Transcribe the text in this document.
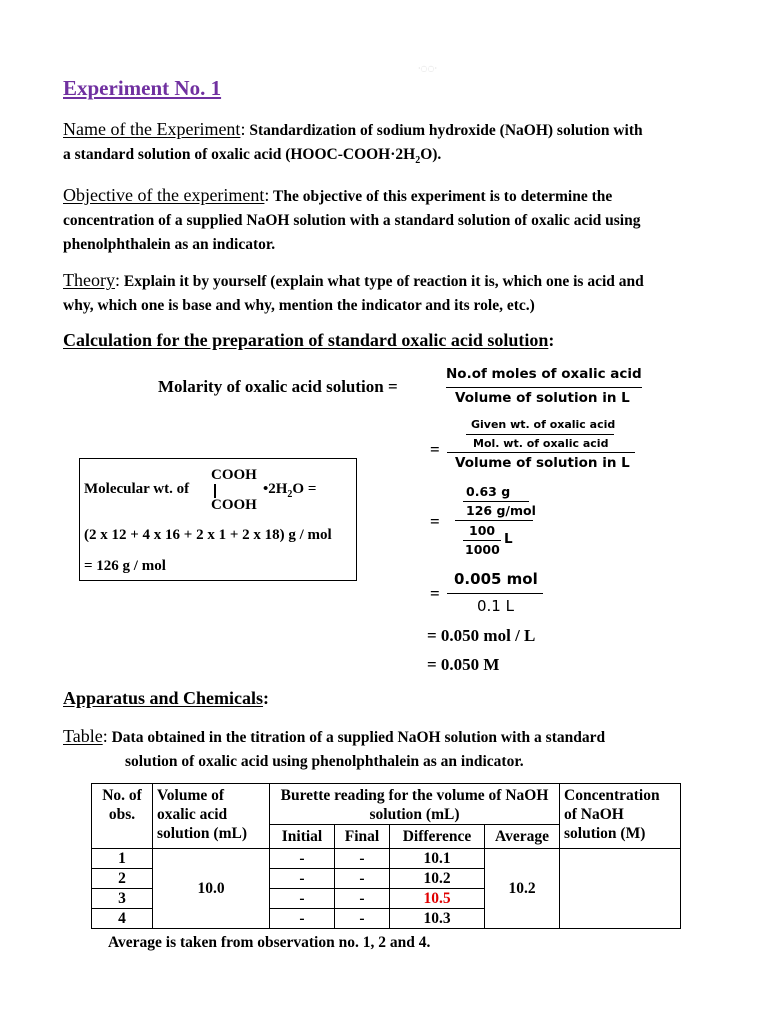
·◌◌·
Experiment No. 1
Name of the Experiment: Standardization of sodium hydroxide (NaOH) solution with
a standard solution of oxalic acid $(HOOC-COOH\cdot 2H_2O)$.
Objective of the experiment: The objective of this experiment is to determine the
concentration of a supplied NaOH solution with a standard solution of oxalic acid using
phenolphthalein as an indicator.
Theory: Explain it by yourself (explain what type of reaction it is, which one is acid and
why, which one is base and why, mention the indicator and its role, etc.)
Calculation for the preparation of standard oxalic acid solution:
Molarity of oxalic acid solution =
No.of moles of oxalic acid
Volume of solution in L
=
Given wt. of oxalic acid
Mol. wt. of oxalic acid
Volume of solution in L
=
0.63 g
126 g/mol
100
1000
L
=
0.005 mol
0.1 L
= 0.050 mol / L
= 0.050 M
Molecular wt. of
COOH
COOH
$•2H_2O$ =
(2 x 12 + 4 x 16 + 2 x 1 + 2 x 18) g / mol
= 126 g / mol
Apparatus and Chemicals:
Table: Data obtained in the titration of a supplied NaOH solution with a standard
solution of oxalic acid using phenolphthalein as an indicator.
No. of obs.	Volume of oxalic acid solution (mL)	Burette reading for the volume of NaOH solution (mL)				Concentration of NaOH solution (M)
		Initial	Final	Difference	Average	
1	10.0	-	-	10.1	10.2	
2		-	-	10.2		
3		-	-	10.5		
4		-	-	10.3		
Average is taken from observation no. 1, 2 and 4.
